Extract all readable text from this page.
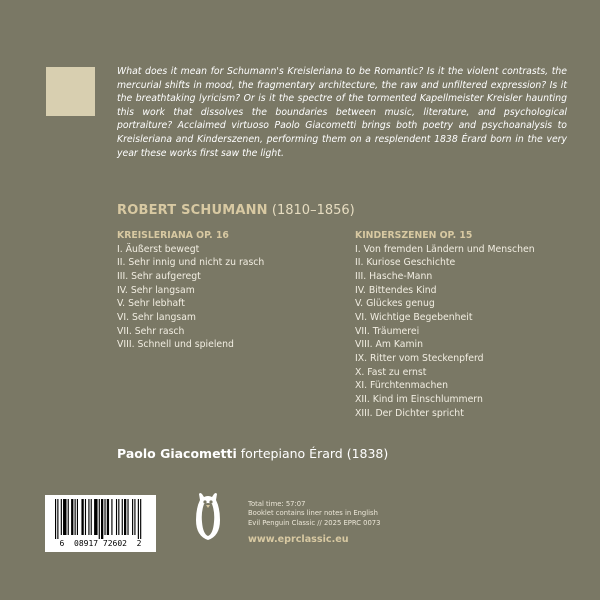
What does it mean for Schumann's Kreisleriana to be Romantic? Is it the violent contrasts, the mercurial shifts in mood, the fragmentary architecture, the raw and unfiltered expression? Is it the breathtaking lyricism? Or is it the spectre of the tormented Kapellmeister Kreisler haunting this work that dissolves the boundaries between music, literature, and psychological portraiture? Acclaimed virtuoso Paolo Giacometti brings both poetry and psychoanalysis to Kreisleriana and Kinderszenen, performing them on a resplendent 1838 Érard born in the very year these works first saw the light.

ROBERT SCHUMANN (1810–1856)
KREISLERIANA OP. 16
I. Äußerst bewegt
II. Sehr innig und nicht zu rasch
III. Sehr aufgeregt
IV. Sehr langsam
V. Sehr lebhaft
VI. Sehr langsam
VII. Sehr rasch
VIII. Schnell und spielend
KINDERSZENEN OP. 15
I. Von fremden Ländern und Menschen
II. Kuriose Geschichte
III. Hasche-Mann
IV. Bittendes Kind
V. Glückes genug
VI. Wichtige Begebenheit
VII. Träumerei
VIII. Am Kamin
IX. Ritter vom Steckenpferd
X. Fast zu ernst
XI. Fürchtenmachen
XII. Kind im Einschlummern
XIII. Der Dichter spricht
Paolo Giacometti fortepiano Érard (1838)
6  08917 72602  2
Total time: 57:07
Booklet contains liner notes in English
Evil Penguin Classic // 2025 EPRC 0073
www.eprclassic.eu
